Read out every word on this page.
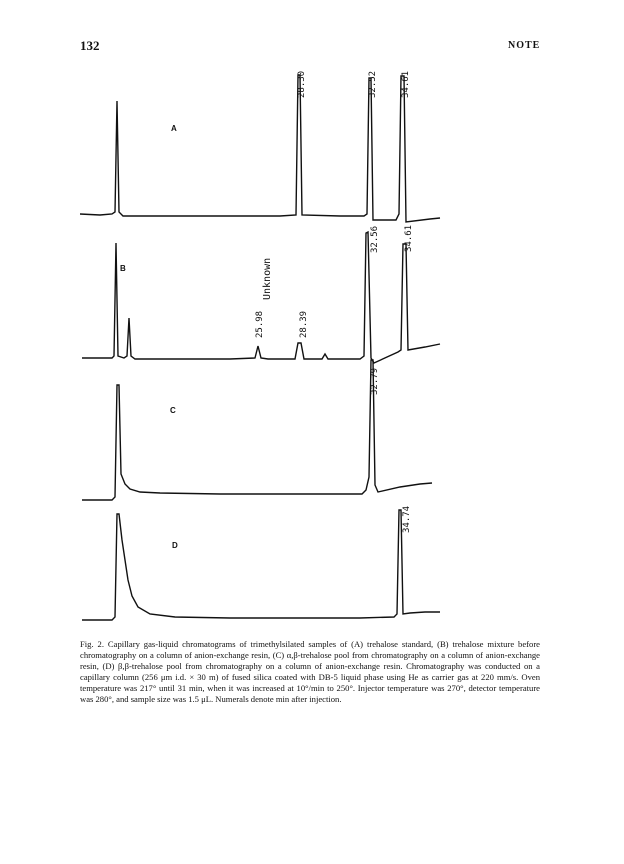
132	NOTE
A
28.30	32.52	34.61
B	Unknown
25.98	28.39
32.56
32.79
34.61
C
D
34.74
Fig. 2. Capillary gas-liquid chromatograms of trimethylsilated samples of (A) trehalose standard, (B) trehalose mixture before chromatography on a column of anion-exchange resin, (C) α,β-trehalose pool from chromatography on a column of anion-exchange resin, (D) β,β-trehalose pool from chromatography on a column of anion-exchange resin. Chromatography was conducted on a capillary column (256 μm i.d. × 30 m) of fused silica coated with DB-5 liquid phase using He as carrier gas at 220 mm/s. Oven temperature was 217° until 31 min, when it was increased at 10°/min to 250°. Injector temperature was 270°, detector temperature was 280°, and sample size was 1.5 μL. Numerals denote min after injection.
